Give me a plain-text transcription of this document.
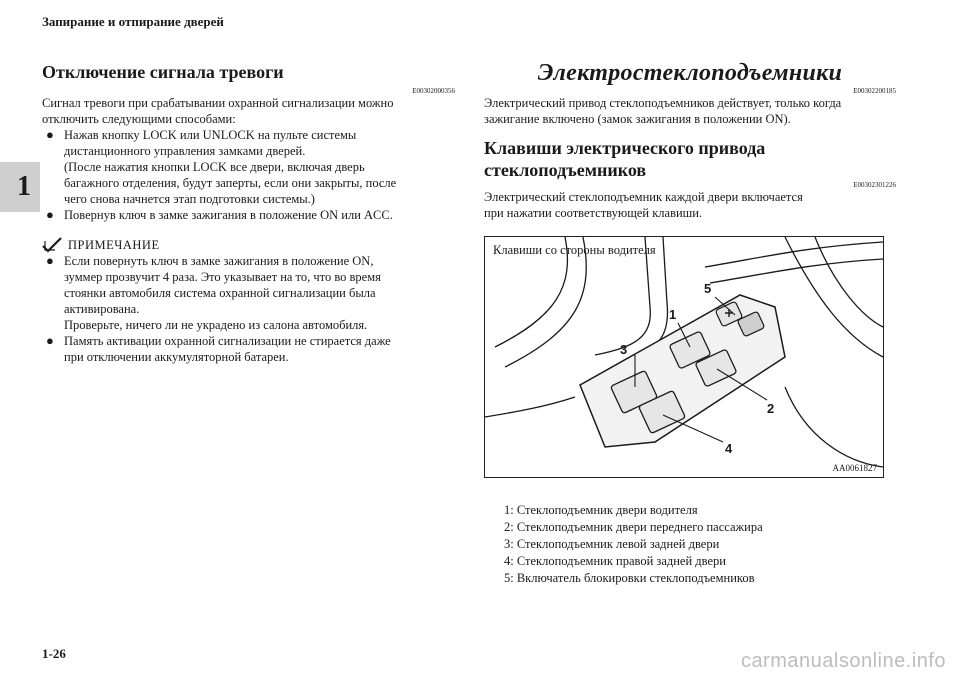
Запирание и отпирание дверей
1
1-26	carmanualsonline.info
Отключение сигнала тревоги
E00302000356

Сигнал тревоги при срабатывании охранной сигнализации можно

отключить следующими способами:

● Нажав кнопку LOCK или UNLOCK на пульте системы
дистанционного управления замками дверей.
(После нажатия кнопки LOCK все двери, включая дверь
багажного отделения, будут заперты, если они закрыты, после
чего снова начнется этап подготовки системы.)
● Повернув ключ в замке зажигания в положение ON или ACC.
ПРИМЕЧАНИЕ
● Если повернуть ключ в замке зажигания в положение ON,
зуммер прозвучит 4 раза. Это указывает на то, что во время
стоянки автомобиля система охранной сигнализации была
активирована.
Проверьте, ничего ли не украдено из салона автомобиля.
● Память активации охранной сигнализации не стирается даже
при отключении аккумуляторной батареи.
Электростеклоподъемники
E00302200185

Электрический привод стеклоподъемников действует, только когда

зажигание включено (замок зажигания в положении ON).

Клавиши электрического привода
стеклоподъемников
E00302301226

Электрический стеклоподъемник каждой двери включается

при нажатии соответствующей клавиши.

Клавиши со стороны водителя
1
2
3
4
5
AA0061827
1: Стеклоподъемник двери водителя
2: Стеклоподъемник двери переднего пассажира
3: Стеклоподъемник левой задней двери
4: Стеклоподъемник правой задней двери
5: Включатель блокировки стеклоподъемников
